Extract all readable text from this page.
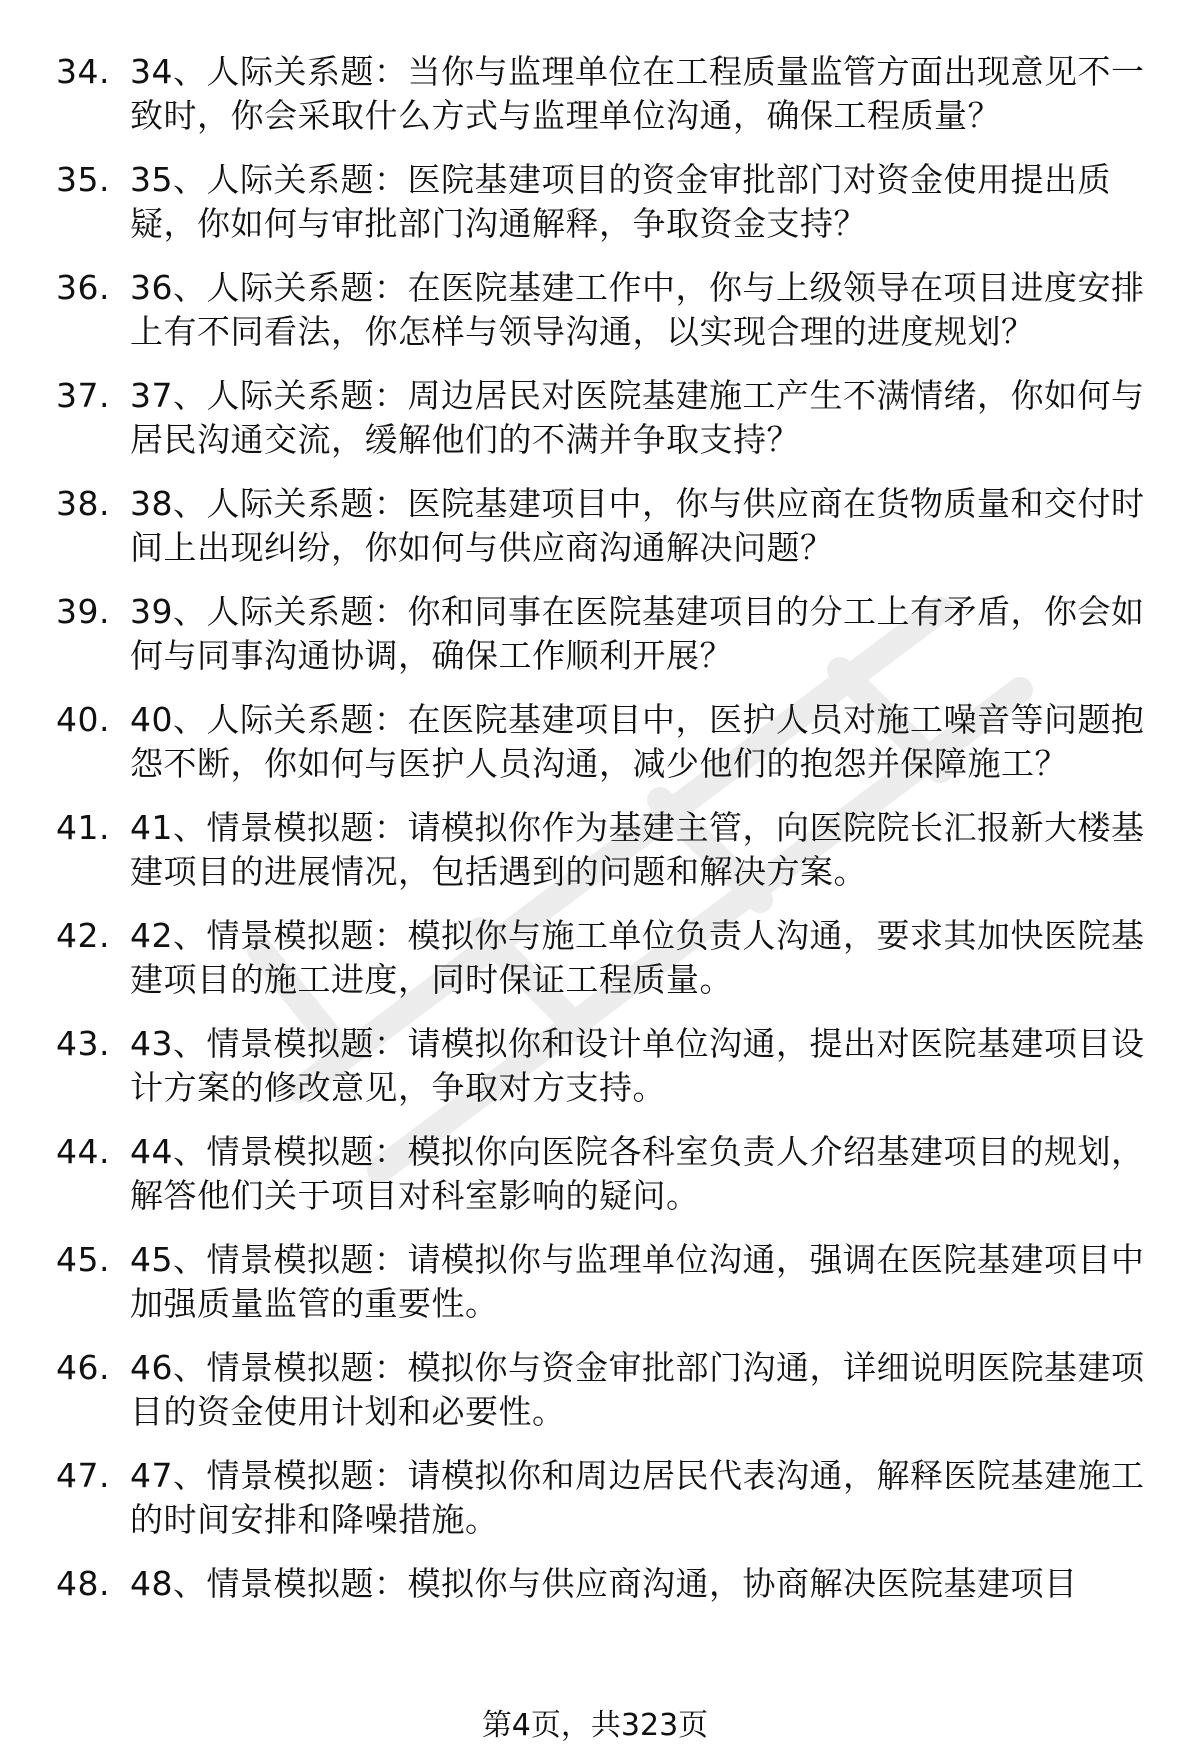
34. 34、人际关系题：当你与监理单位在工程质量监管方面出现意见不一致时，你会采取什么方式与监理单位沟通，确保工程质量？
35. 35、人际关系题：医院基建项目的资金审批部门对资金使用提出质疑，你如何与审批部门沟通解释，争取资金支持？
36. 36、人际关系题：在医院基建工作中，你与上级领导在项目进度安排上有不同看法，你怎样与领导沟通，以实现合理的进度规划？
37. 37、人际关系题：周边居民对医院基建施工产生不满情绪，你如何与居民沟通交流，缓解他们的不满并争取支持？
38. 38、人际关系题：医院基建项目中，你与供应商在货物质量和交付时间上出现纠纷，你如何与供应商沟通解决问题？
39. 39、人际关系题：你和同事在医院基建项目的分工上有矛盾，你会如何与同事沟通协调，确保工作顺利开展？
40. 40、人际关系题：在医院基建项目中，医护人员对施工噪音等问题抱怨不断，你如何与医护人员沟通，减少他们的抱怨并保障施工？
41. 41、情景模拟题：请模拟你作为基建主管，向医院院长汇报新大楼基建项目的进展情况，包括遇到的问题和解决方案。
42. 42、情景模拟题：模拟你与施工单位负责人沟通，要求其加快医院基建项目的施工进度，同时保证工程质量。
43. 43、情景模拟题：请模拟你和设计单位沟通，提出对医院基建项目设计方案的修改意见，争取对方支持。
44. 44、情景模拟题：模拟你向医院各科室负责人介绍基建项目的规划，解答他们关于项目对科室影响的疑问。
45. 45、情景模拟题：请模拟你与监理单位沟通，强调在医院基建项目中加强质量监管的重要性。
46. 46、情景模拟题：模拟你与资金审批部门沟通，详细说明医院基建项目的资金使用计划和必要性。
47. 47、情景模拟题：请模拟你和周边居民代表沟通，解释医院基建施工的时间安排和降噪措施。
48. 48、情景模拟题：模拟你与供应商沟通，协商解决医院基建项目
第4页，共323页
